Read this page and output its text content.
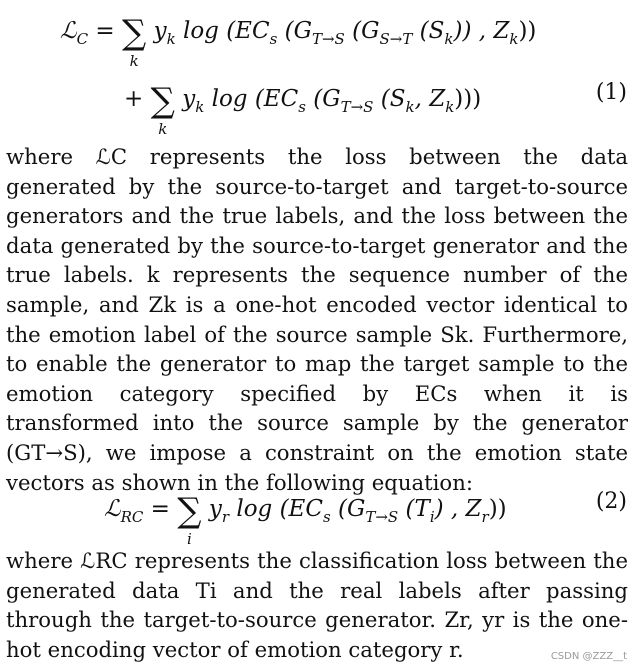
ℒ$_C$ = ∑
k
$y_k$ $\log (EC_s$ ($G_{T\to S}$ ($G_{S\to T}$ $(S_k)$) , $Z_k$))
+ ∑
k
$y_k$ $\log (EC_s$ ($G_{T\to S}$ ($S_k$, $Z_k$)))	(1)

where ℒC represents the loss between the data generated by the source-to-target and target-to-source generators and the true labels, and the loss between the data generated by the source-to-target generator and the true labels. k represents the sequence number of the sample, and Zk is a one-hot encoded vector identical to the emotion label of the source sample Sk. Furthermore, to enable the generator to map the target sample to the emotion category specified by ECs when it is transformed into the source sample by the generator (GT→S), we impose a constraint on the emotion state vectors as shown in the following equation:

ℒ$_{RC}$ = ∑
i
$y_r$ $\log (EC_s$ ($G_{T\to S}$ $(T_i)$ , $Z_r$))	(2)

where ℒRC represents the classification loss between the generated data Ti and the real labels after passing through the target-to-source generator. Zr, yr is the one-hot encoding vector of emotion category r.	CSDN @ZZZ__t
